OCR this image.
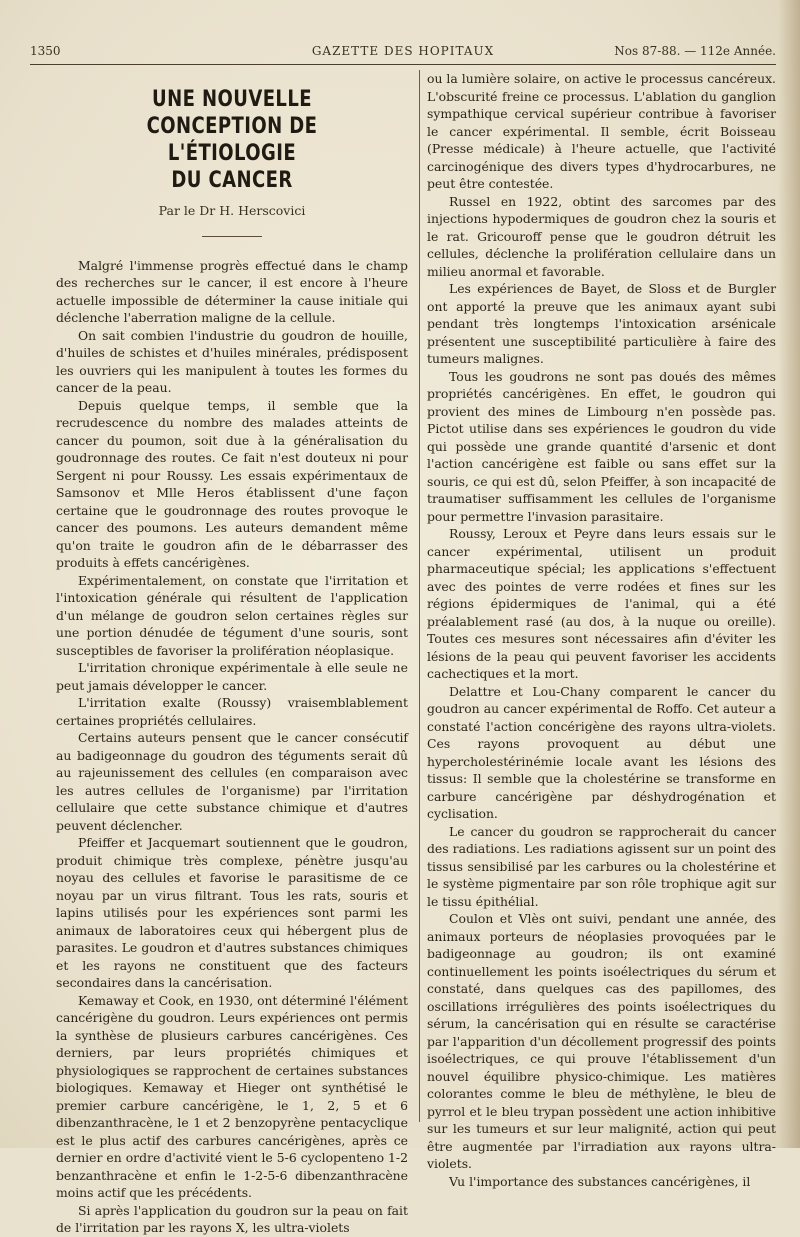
1350	GAZETTE DES HOPITAUX	Nos 87-88. — 112e Année.
UNE NOUVELLE CONCEPTION DE L'ÉTIOLOGIE
DU CANCER
Par le Dr H. Herscovici

Malgré l'immense progrès effectué dans le champ des recherches sur le cancer, il est encore à l'heure actuelle impossible de déterminer la cause initiale qui déclenche l'aberration maligne de la cellule.

On sait combien l'industrie du goudron de houille, d'huiles de schistes et d'huiles minérales, prédisposent les ouvriers qui les manipulent à toutes les formes du cancer de la peau.

Depuis quelque temps, il semble que la recrudescence du nombre des malades atteints de cancer du poumon, soit due à la généralisation du goudronnage des routes. Ce fait n'est douteux ni pour Sergent ni pour Roussy. Les essais expérimentaux de Samsonov et Mlle Heros établissent d'une façon certaine que le goudronnage des routes provoque le cancer des poumons. Les auteurs demandent même qu'on traite le goudron afin de le débarrasser des produits à effets cancérigènes.

Expérimentalement, on constate que l'irritation et l'intoxication générale qui résultent de l'application d'un mélange de goudron selon certaines règles sur une portion dénudée de tégument d'une souris, sont susceptibles de favoriser la prolifération néoplasique.

L'irritation chronique expérimentale à elle seule ne peut jamais développer le cancer.

L'irritation exalte (Roussy) vraisemblablement certaines propriétés cellulaires.

Certains auteurs pensent que le cancer consécutif au badigeonnage du goudron des téguments serait dû au rajeunissement des cellules (en comparaison avec les autres cellules de l'organisme) par l'irritation cellulaire que cette substance chimique et d'autres peuvent déclencher.

Pfeiffer et Jacquemart soutiennent que le goudron, produit chimique très complexe, pénètre jusqu'au noyau des cellules et favorise le parasitisme de ce noyau par un virus filtrant. Tous les rats, souris et lapins utilisés pour les expériences sont parmi les animaux de laboratoires ceux qui hébergent plus de parasites. Le goudron et d'autres substances chimiques et les rayons ne constituent que des facteurs secondaires dans la cancérisation.

Kemaway et Cook, en 1930, ont déterminé l'élément cancérigène du goudron. Leurs expériences ont permis la synthèse de plusieurs carbures cancérigènes. Ces derniers, par leurs propriétés chimiques et physiologiques se rapprochent de certaines substances biologiques. Kemaway et Hieger ont synthétisé le premier carbure cancérigène, le 1, 2, 5 et 6 dibenzanthracène, le 1 et 2 benzopyrène pentacyclique est le plus actif des carbures cancérigènes, après ce dernier en ordre d'activité vient le 5-6 cyclopenteno 1-2 benzanthracène et enfin le 1-2-5-6 dibenzanthracène moins actif que les précédents.

Si après l'application du goudron sur la peau on fait de l'irritation par les rayons X, les ultra-violets

ou la lumière solaire, on active le processus cancéreux. L'obscurité freine ce processus. L'ablation du ganglion sympathique cervical supérieur contribue à favoriser le cancer expérimental. Il semble, écrit Boisseau (Presse médicale) à l'heure actuelle, que l'activité carcinogénique des divers types d'hydrocarbures, ne peut être contestée.

Russel en 1922, obtint des sarcomes par des injections hypodermiques de goudron chez la souris et le rat. Gricouroff pense que le goudron détruit les cellules, déclenche la prolifération cellulaire dans un milieu anormal et favorable.

Les expériences de Bayet, de Sloss et de Burgler ont apporté la preuve que les animaux ayant subi pendant très longtemps l'intoxication arsénicale présentent une susceptibilité particulière à faire des tumeurs malignes.

Tous les goudrons ne sont pas doués des mêmes propriétés cancérigènes. En effet, le goudron qui provient des mines de Limbourg n'en possède pas. Pictot utilise dans ses expériences le goudron du vide qui possède une grande quantité d'arsenic et dont l'action cancérigène est faible ou sans effet sur la souris, ce qui est dû, selon Pfeiffer, à son incapacité de traumatiser suffisamment les cellules de l'organisme pour permettre l'invasion parasitaire.

Roussy, Leroux et Peyre dans leurs essais sur le cancer expérimental, utilisent un produit pharmaceutique spécial; les applications s'effectuent avec des pointes de verre rodées et fines sur les régions épidermiques de l'animal, qui a été préalablement rasé (au dos, à la nuque ou oreille). Toutes ces mesures sont nécessaires afin d'éviter les lésions de la peau qui peuvent favoriser les accidents cachectiques et la mort.

Delattre et Lou-Chany comparent le cancer du goudron au cancer expérimental de Roffo. Cet auteur a constaté l'action concérigène des rayons ultra-violets. Ces rayons provoquent au début une hypercholestérinémie locale avant les lésions des tissus: Il semble que la cholestérine se transforme en carbure cancérigène par déshydrogénation et cyclisation.

Le cancer du goudron se rapprocherait du cancer des radiations. Les radiations agissent sur un point des tissus sensibilisé par les carbures ou la cholestérine et le système pigmentaire par son rôle trophique agit sur le tissu épithélial.

Coulon et Vlès ont suivi, pendant une année, des animaux porteurs de néoplasies provoquées par le badigeonnage au goudron; ils ont examiné continuellement les points isoélectriques du sérum et constaté, dans quelques cas des papillomes, des oscillations irrégulières des points isoélectriques du sérum, la cancérisation qui en résulte se caractérise par l'apparition d'un décollement progressif des points isoélectriques, ce qui prouve l'établissement d'un nouvel équilibre physico-chimique. Les matières colorantes comme le bleu de méthylène, le bleu de pyrrol et le bleu trypan possèdent une action inhibitive sur les tumeurs et sur leur malignité, action qui peut être augmentée par l'irradiation aux rayons ultra-violets.

Vu l'importance des substances cancérigènes, il
